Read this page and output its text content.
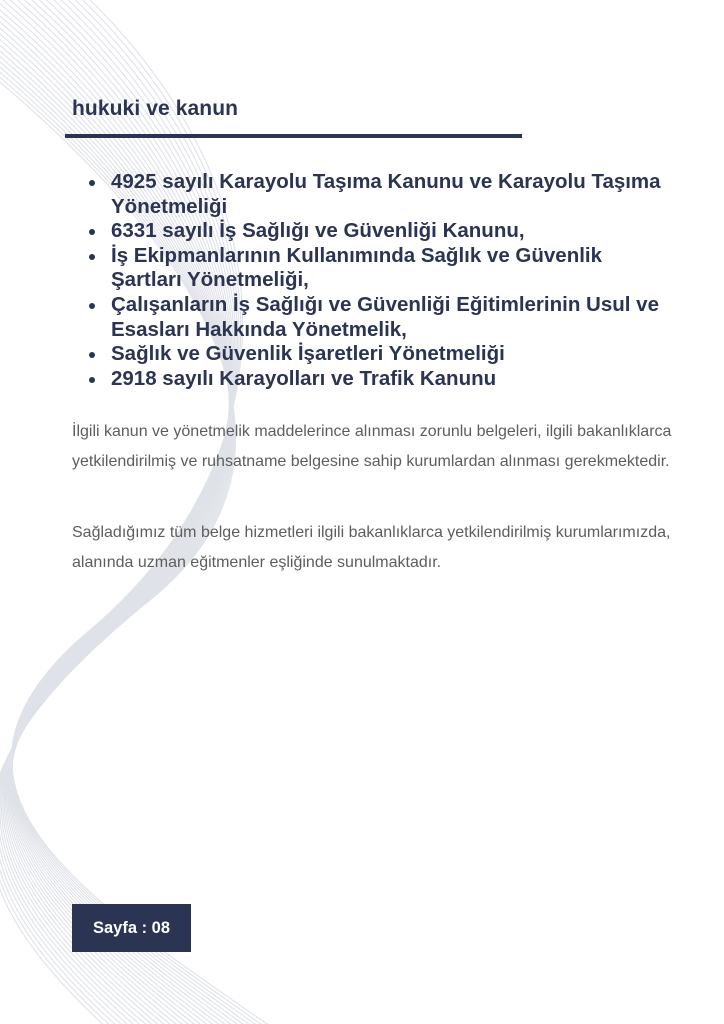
hukuki ve kanun
4925 sayılı Karayolu Taşıma Kanunu ve Karayolu Taşıma Yönetmeliği
6331 sayılı İş Sağlığı ve Güvenliği Kanunu,
İş Ekipmanlarının Kullanımında Sağlık ve Güvenlik Şartları Yönetmeliği,
Çalışanların İş Sağlığı ve Güvenliği Eğitimlerinin Usul ve Esasları Hakkında Yönetmelik,
Sağlık ve Güvenlik İşaretleri Yönetmeliği
2918 sayılı Karayolları ve Trafik Kanunu

İlgili kanun ve yönetmelik maddelerince alınması zorunlu belgeleri, ilgili bakanlıklarca yetkilendirilmiş ve ruhsatname belgesine sahip kurumlardan alınması gerekmektedir.

Sağladığımız tüm belge hizmetleri ilgili bakanlıklarca yetkilendirilmiş kurumlarımızda, alanında uzman eğitmenler eşliğinde sunulmaktadır.

Sayfa : 08
